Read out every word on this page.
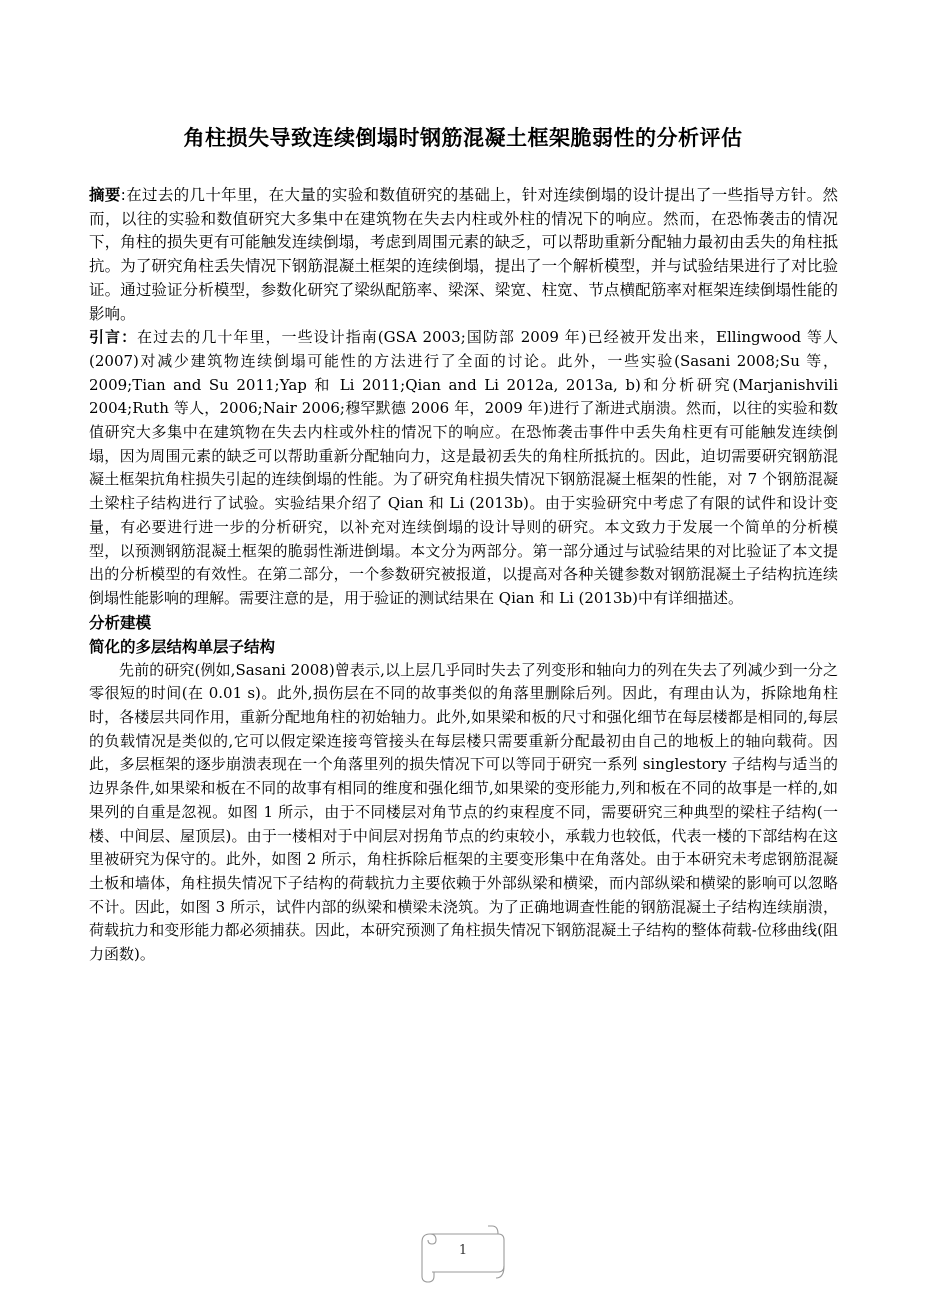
角柱损失导致连续倒塌时钢筋混凝土框架脆弱性的分析评估

摘要:在过去的几十年里，在大量的实验和数值研究的基础上，针对连续倒塌的设计提出了一些指导方针。然而，以往的实验和数值研究大多集中在建筑物在失去内柱或外柱的情况下的响应。然而，在恐怖袭击的情况下，角柱的损失更有可能触发连续倒塌，考虑到周围元素的缺乏，可以帮助重新分配轴力最初由丢失的角柱抵抗。为了研究角柱丢失情况下钢筋混凝土框架的连续倒塌，提出了一个解析模型，并与试验结果进行了对比验证。通过验证分析模型，参数化研究了梁纵配筋率、梁深、梁宽、柱宽、节点横配筋率对框架连续倒塌性能的影响。

引言：在过去的几十年里，一些设计指南(GSA 2003;国防部 2009 年)已经被开发出来，Ellingwood 等人(2007)对减少建筑物连续倒塌可能性的方法进行了全面的讨论。此外，一些实验(Sasani 2008;Su 等，2009;Tian and Su 2011;Yap 和 Li 2011;Qian and Li 2012a, 2013a, b)和分析研究(Marjanishvili 2004;Ruth 等人，2006;Nair 2006;穆罕默德 2006 年，2009 年)进行了渐进式崩溃。然而，以往的实验和数值研究大多集中在建筑物在失去内柱或外柱的情况下的响应。在恐怖袭击事件中丢失角柱更有可能触发连续倒塌，因为周围元素的缺乏可以帮助重新分配轴向力，这是最初丢失的角柱所抵抗的。因此，迫切需要研究钢筋混凝土框架抗角柱损失引起的连续倒塌的性能。为了研究角柱损失情况下钢筋混凝土框架的性能，对 7 个钢筋混凝土梁柱子结构进行了试验。实验结果介绍了 Qian 和 Li (2013b)。由于实验研究中考虑了有限的试件和设计变量，有必要进行进一步的分析研究，以补充对连续倒塌的设计导则的研究。本文致力于发展一个简单的分析模型，以预测钢筋混凝土框架的脆弱性渐进倒塌。本文分为两部分。第一部分通过与试验结果的对比验证了本文提出的分析模型的有效性。在第二部分，一个参数研究被报道，以提高对各种关键参数对钢筋混凝土子结构抗连续倒塌性能影响的理解。需要注意的是，用于验证的测试结果在 Qian 和 Li (2013b)中有详细描述。

分析建模

简化的多层结构单层子结构

先前的研究(例如,Sasani 2008)曾表示,以上层几乎同时失去了列变形和轴向力的列在失去了列减少到一分之零很短的时间(在 0.01 s)。此外,损伤层在不同的故事类似的角落里删除后列。因此，有理由认为，拆除地角柱时，各楼层共同作用，重新分配地角柱的初始轴力。此外,如果梁和板的尺寸和强化细节在每层楼都是相同的,每层的负载情况是类似的,它可以假定梁连接弯管接头在每层楼只需要重新分配最初由自己的地板上的轴向载荷。因此，多层框架的逐步崩溃表现在一个角落里列的损失情况下可以等同于研究一系列 singlestory 子结构与适当的边界条件,如果梁和板在不同的故事有相同的维度和强化细节,如果梁的变形能力,列和板在不同的故事是一样的,如果列的自重是忽视。如图 1 所示，由于不同楼层对角节点的约束程度不同，需要研究三种典型的梁柱子结构(一楼、中间层、屋顶层)。由于一楼相对于中间层对拐角节点的约束较小，承载力也较低，代表一楼的下部结构在这里被研究为保守的。此外，如图 2 所示，角柱拆除后框架的主要变形集中在角落处。由于本研究未考虑钢筋混凝土板和墙体，角柱损失情况下子结构的荷载抗力主要依赖于外部纵梁和横梁，而内部纵梁和横梁的影响可以忽略不计。因此，如图 3 所示，试件内部的纵梁和横梁未浇筑。为了正确地调查性能的钢筋混凝土子结构连续崩溃，荷载抗力和变形能力都必须捕获。因此，本研究预测了角柱损失情况下钢筋混凝土子结构的整体荷载-位移曲线(阻力函数)。

1
